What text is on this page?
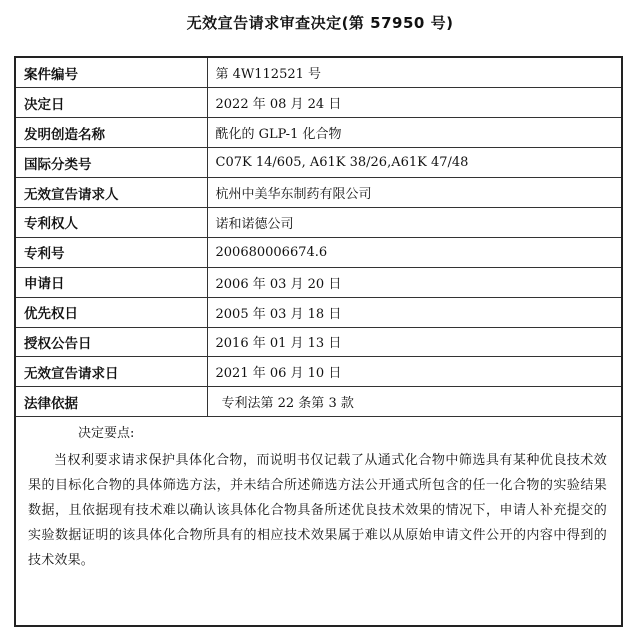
无效宣告请求审查决定(第 57950 号)
案件编号	第 4W112521 号
决定日	2022 年 08 月 24 日
发明创造名称	酰化的 GLP-1 化合物
国际分类号	C07K 14/605, A61K 38/26,A61K 47/48
无效宣告请求人	杭州中美华东制药有限公司
专利权人	诺和诺德公司
专利号	200680006674.6
申请日	2006 年 03 月 20 日
优先权日	2005 年 03 月 18 日
授权公告日	2016 年 01 月 13 日
无效宣告请求日	2021 年 06 月 10 日
法律依据	专利法第 22 条第 3 款
决定要点:

当权利要求请求保护具体化合物，而说明书仅记载了从通式化合物中筛选具有某种优良技术效果的目标化合物的具体筛选方法，并未结合所述筛选方法公开通式所包含的任一化合物的实验结果数据，且依据现有技术难以确认该具体化合物具备所述优良技术效果的情况下，申请人补充提交的实验数据证明的该具体化合物所具有的相应技术效果属于难以从原始申请文件公开的内容中得到的技术效果。
